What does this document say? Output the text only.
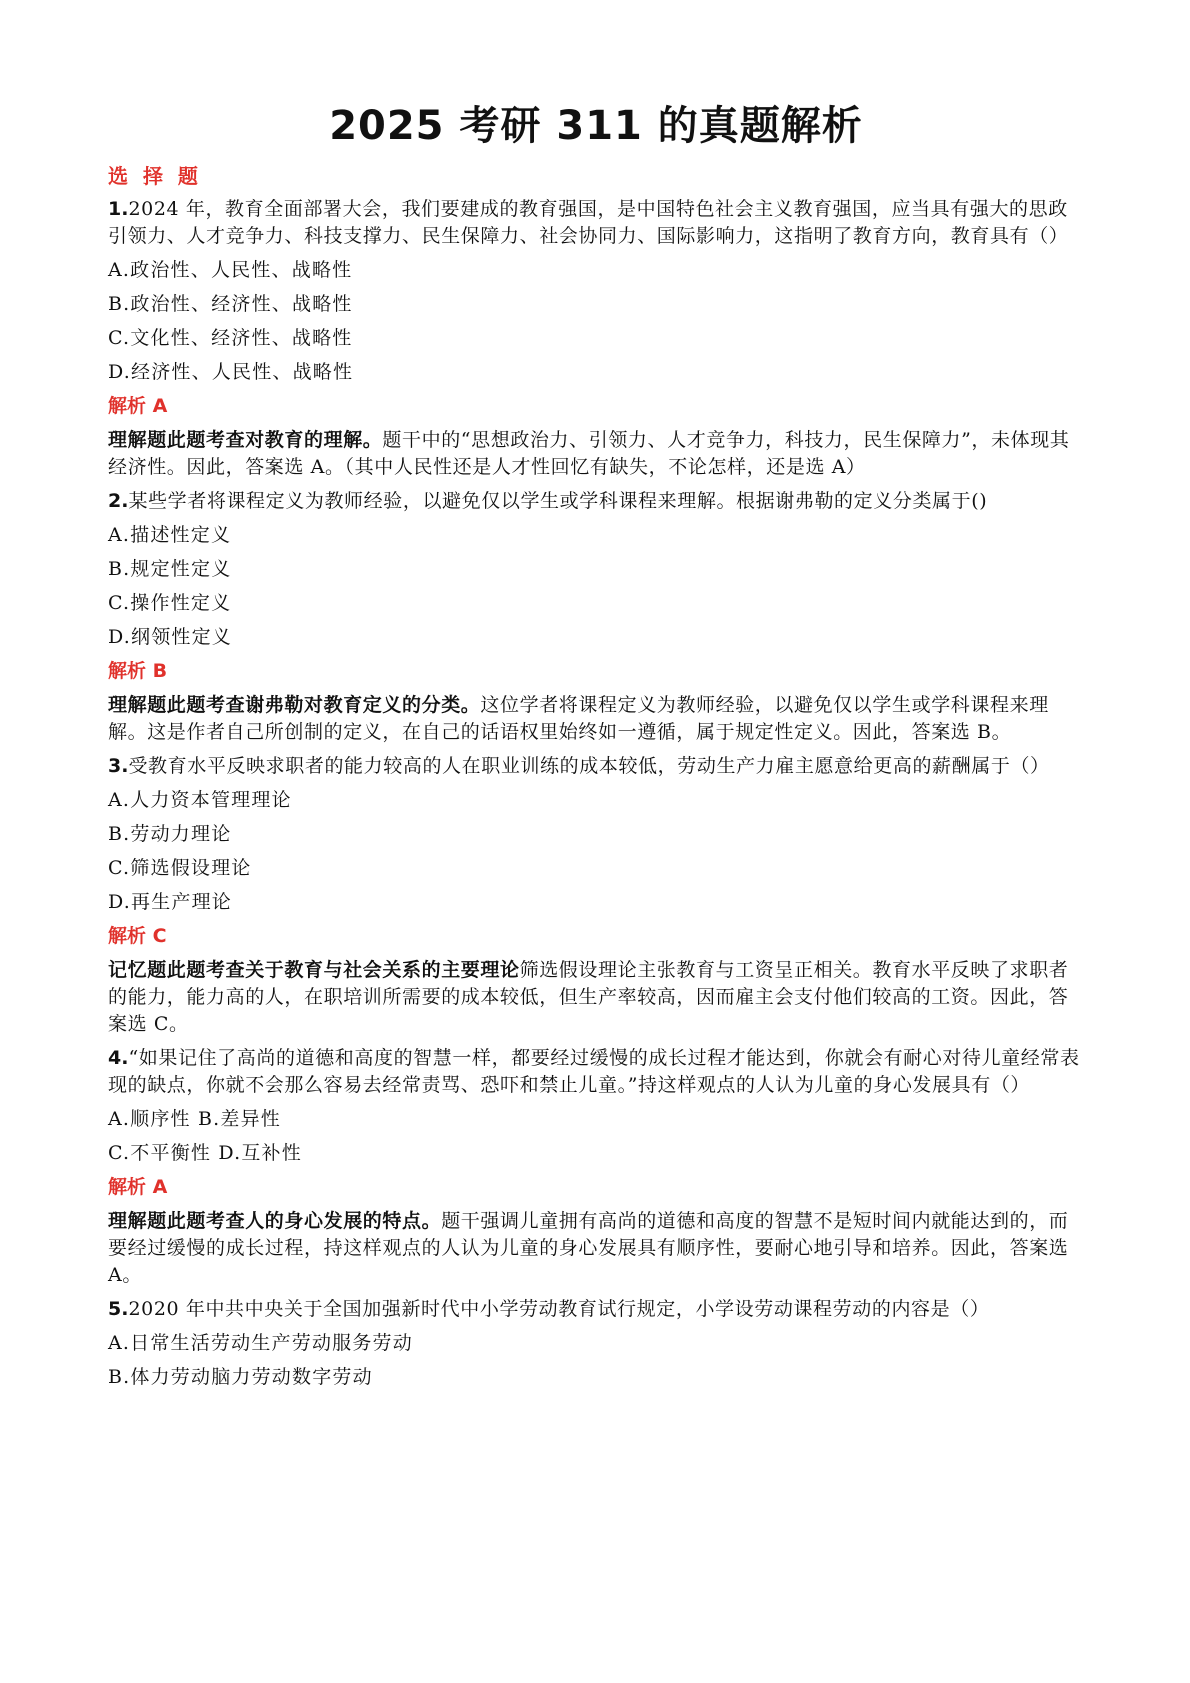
2025 考研 311 的真题解析
选 择 题
1.2024 年，教育全面部署大会，我们要建成的教育强国，是中国特色社会主义教育强国，应当具有强大的思政引领力、人才竞争力、科技支撑力、民生保障力、社会协同力、国际影响力，这指明了教育方向，教育具有（）
A.政治性、人民性、战略性
B.政治性、经济性、战略性
C.文化性、经济性、战略性
D.经济性、人民性、战略性
解析 A
理解题此题考查对教育的理解。题干中的“思想政治力、引领力、人才竞争力，科技力，民生保障力”，未体现其经济性。因此，答案选 A。（其中人民性还是人才性回忆有缺失，不论怎样，还是选 A）
2.某些学者将课程定义为教师经验，以避免仅以学生或学科课程来理解。根据谢弗勒的定义分类属于()
A.描述性定义
B.规定性定义
C.操作性定义
D.纲领性定义
解析 B
理解题此题考查谢弗勒对教育定义的分类。这位学者将课程定义为教师经验，以避免仅以学生或学科课程来理解。这是作者自己所创制的定义，在自己的话语权里始终如一遵循，属于规定性定义。因此，答案选 B。
3.受教育水平反映求职者的能力较高的人在职业训练的成本较低，劳动生产力雇主愿意给更高的薪酬属于（）
A.人力资本管理理论
B.劳动力理论
C.筛选假设理论
D.再生产理论
解析 C
记忆题此题考查关于教育与社会关系的主要理论筛选假设理论主张教育与工资呈正相关。教育水平反映了求职者的能力，能力高的人，在职培训所需要的成本较低，但生产率较高，因而雇主会支付他们较高的工资。因此，答案选 C。
4.“如果记住了高尚的道德和高度的智慧一样，都要经过缓慢的成长过程才能达到，你就会有耐心对待儿童经常表现的缺点，你就不会那么容易去经常责骂、恐吓和禁止儿童。”持这样观点的人认为儿童的身心发展具有（）
A.顺序性 B.差异性
C.不平衡性 D.互补性
解析 A
理解题此题考查人的身心发展的特点。题干强调儿童拥有高尚的道德和高度的智慧不是短时间内就能达到的，而要经过缓慢的成长过程，持这样观点的人认为儿童的身心发展具有顺序性，要耐心地引导和培养。因此，答案选 A。
5.2020 年中共中央关于全国加强新时代中小学劳动教育试行规定，小学设劳动课程劳动的内容是（）
A.日常生活劳动生产劳动服务劳动
B.体力劳动脑力劳动数字劳动
